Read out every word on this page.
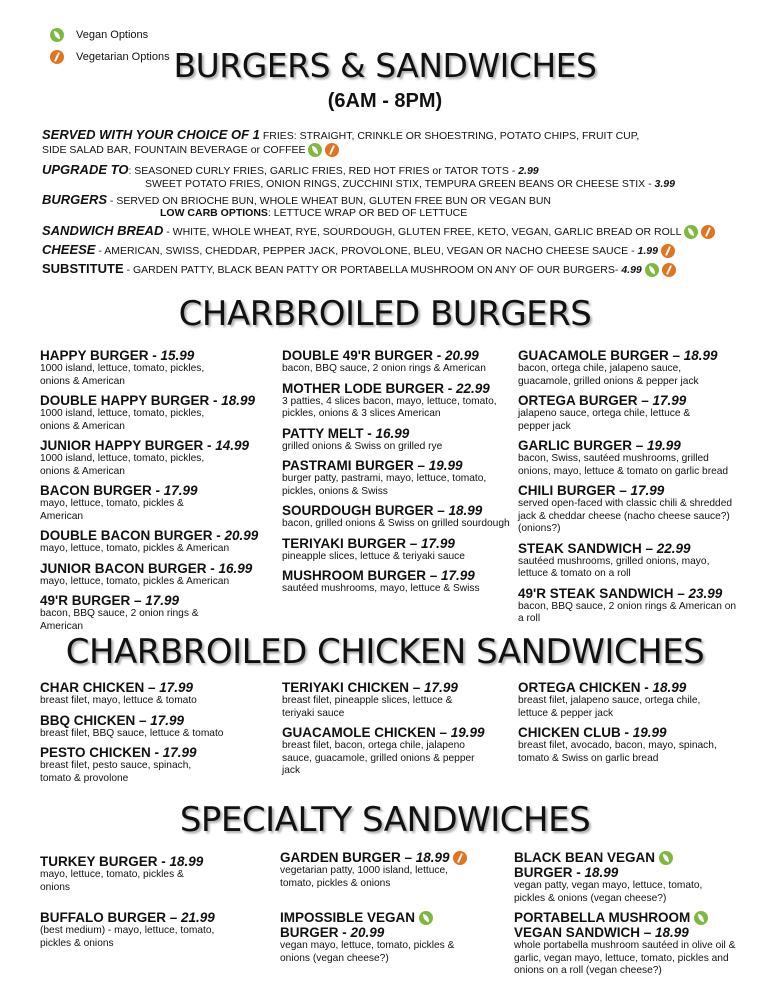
Vegan Options
Vegetarian Options BURGERS & SANDWICHES
(6AM - 8PM)
SERVED WITH YOUR CHOICE OF 1 FRIES: STRAIGHT, CRINKLE OR SHOESTRING, POTATO CHIPS, FRUIT CUP,
SIDE SALAD BAR, FOUNTAIN BEVERAGE or COFFEE
UPGRADE TO: SEASONED CURLY FRIES, GARLIC FRIES, RED HOT FRIES or TATOR TOTS - 2.99
SWEET POTATO FRIES, ONION RINGS, ZUCCHINI STIX, TEMPURA GREEN BEANS OR CHEESE STIX - 3.99
BURGERS - SERVED ON BRIOCHE BUN, WHOLE WHEAT BUN, GLUTEN FREE BUN OR VEGAN BUN
LOW CARB OPTIONS: LETTUCE WRAP OR BED OF LETTUCE
SANDWICH BREAD - WHITE, WHOLE WHEAT, RYE, SOURDOUGH, GLUTEN FREE, KETO, VEGAN, GARLIC BREAD OR ROLL
CHEESE - AMERICAN, SWISS, CHEDDAR, PEPPER JACK, PROVOLONE, BLEU, VEGAN OR NACHO CHEESE SAUCE - 1.99
SUBSTITUTE - GARDEN PATTY, BLACK BEAN PATTY OR PORTABELLA MUSHROOM ON ANY OF OUR BURGERS- 4.99
CHARBROILED BURGERS
HAPPY BURGER - 15.99
1000 island, lettuce, tomato, pickles, onions & American
DOUBLE HAPPY BURGER - 18.99
1000 island, lettuce, tomato, pickles, onions & American
JUNIOR HAPPY BURGER - 14.99
1000 island, lettuce, tomato, pickles, onions & American
BACON BURGER - 17.99
mayo, lettuce, tomato, pickles & American
DOUBLE BACON BURGER - 20.99
mayo, lettuce, tomato, pickles & American
JUNIOR BACON BURGER - 16.99
mayo, lettuce, tomato, pickles & American
49'R BURGER – 17.99
bacon, BBQ sauce, 2 onion rings & American
DOUBLE 49'R BURGER - 20.99
bacon, BBQ sauce, 2 onion rings & American
MOTHER LODE BURGER - 22.99
3 patties, 4 slices bacon, mayo, lettuce, tomato, pickles, onions & 3 slices American
PATTY MELT - 16.99
grilled onions & Swiss on grilled rye
PASTRAMI BURGER – 19.99
burger patty, pastrami, mayo, lettuce, tomato, pickles, onions & Swiss
SOURDOUGH BURGER – 18.99
bacon, grilled onions & Swiss on grilled sourdough
TERIYAKI BURGER – 17.99
pineapple slices, lettuce & teriyaki sauce
MUSHROOM BURGER – 17.99
sautéed mushrooms, mayo, lettuce & Swiss
GUACAMOLE BURGER – 18.99
bacon, ortega chile, jalapeno sauce, guacamole, grilled onions & pepper jack
ORTEGA BURGER – 17.99
jalapeno sauce, ortega chile, lettuce & pepper jack
GARLIC BURGER – 19.99
bacon, Swiss, sautéed mushrooms, grilled onions, mayo, lettuce & tomato on garlic bread
CHILI BURGER – 17.99
served open-faced with classic chili & shredded jack & cheddar cheese (nacho cheese sauce?)(onions?)
STEAK SANDWICH – 22.99
sautéed mushrooms, grilled onions, mayo, lettuce & tomato on a roll
49'R STEAK SANDWICH – 23.99
bacon, BBQ sauce, 2 onion rings & American on a roll
CHARBROILED CHICKEN SANDWICHES
CHAR CHICKEN – 17.99
breast filet, mayo, lettuce & tomato
BBQ CHICKEN – 17.99
breast filet, BBQ sauce, lettuce & tomato
PESTO CHICKEN - 17.99
breast filet, pesto sauce, spinach, tomato & provolone
TERIYAKI CHICKEN – 17.99
breast filet, pineapple slices, lettuce & teriyaki sauce
GUACAMOLE CHICKEN – 19.99
breast filet, bacon, ortega chile, jalapeno sauce, guacamole, grilled onions & pepper jack
ORTEGA CHICKEN - 18.99
breast filet, jalapeno sauce, ortega chile, lettuce & pepper jack
CHICKEN CLUB - 19.99
breast filet, avocado, bacon, mayo, spinach, tomato & Swiss on garlic bread
SPECIALTY SANDWICHES
TURKEY BURGER - 18.99
mayo, lettuce, tomato, pickles & onions
BUFFALO BURGER – 21.99
(best medium) - mayo, lettuce, tomato, pickles & onions
GARDEN BURGER – 18.99
vegetarian patty, 1000 island, lettuce, tomato, pickles & onions
IMPOSSIBLE VEGAN
BURGER - 20.99
vegan mayo, lettuce, tomato, pickles & onions (vegan cheese?)
BLACK BEAN VEGAN
BURGER - 18.99
vegan patty, vegan mayo, lettuce, tomato, pickles & onions (vegan cheese?)
PORTABELLA MUSHROOM
VEGAN SANDWICH – 18.99
whole portabella mushroom sautéed in olive oil & garlic, vegan mayo, lettuce, tomato, pickles and onions on a roll (vegan cheese?)
